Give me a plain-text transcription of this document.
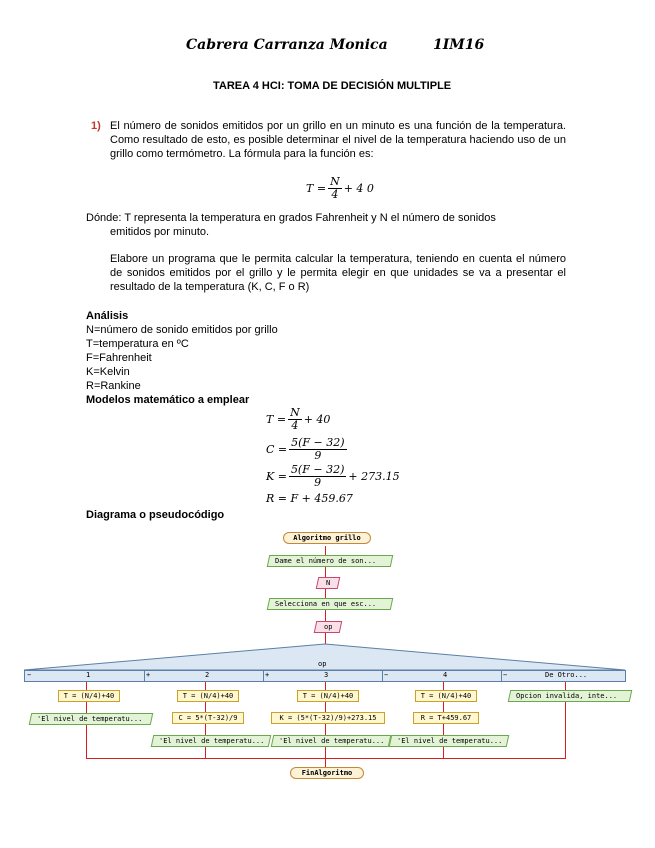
Cabrera Carranza Monica	1IM16
TAREA 4 HCI: TOMA DE DECISIÓN MULTIPLE
1) El número de sonidos emitidos por un grillo en un minuto es una función de la temperatura. Como resultado de esto, es posible determinar el nivel de la temperatura haciendo uso de un grillo como termómetro. La fórmula para la función es:
$T = \frac{N}{4} + 4$ 0
Dónde: T representa la temperatura en grados Fahrenheit y N el número de sonidos
emitidos por minuto.
Elabore un programa que le permita calcular la temperatura, teniendo en cuenta el número de sonidos emitidos por el grillo y le permita elegir en que unidades se va a presentar el resultado de la temperatura (K, C, F o R)
Análisis
N=número de sonido emitidos por grillo
T=temperatura en ºC
F=Fahrenheit
K=Kelvin
R=Rankine
Modelos matemático a emplear
$T = \frac{N}{4} + 40$
$C = \frac{5(F - 32)}{9}$
$K = \frac{5(F - 32)}{9} + 273.15$
R = F + 459.67
Diagrama o pseudocódigo
Algoritmo grillo
Dame el número de son...
N
Selecciona en que esc...
op
op
−	+	+	−	−
1	2	3	4	De Otro...
T = (N/4)+40
'El nivel de temperatu...
T = (N/4)+40
C = 5*(T-32)/9
'El nivel de temperatu...
T = (N/4)+40
K = (5*(T-32)/9)+273.15
'El nivel de temperatu...
T = (N/4)+40
R = T+459.67
'El nivel de temperatu...
Opcion invalida, inte...
FinAlgoritmo
